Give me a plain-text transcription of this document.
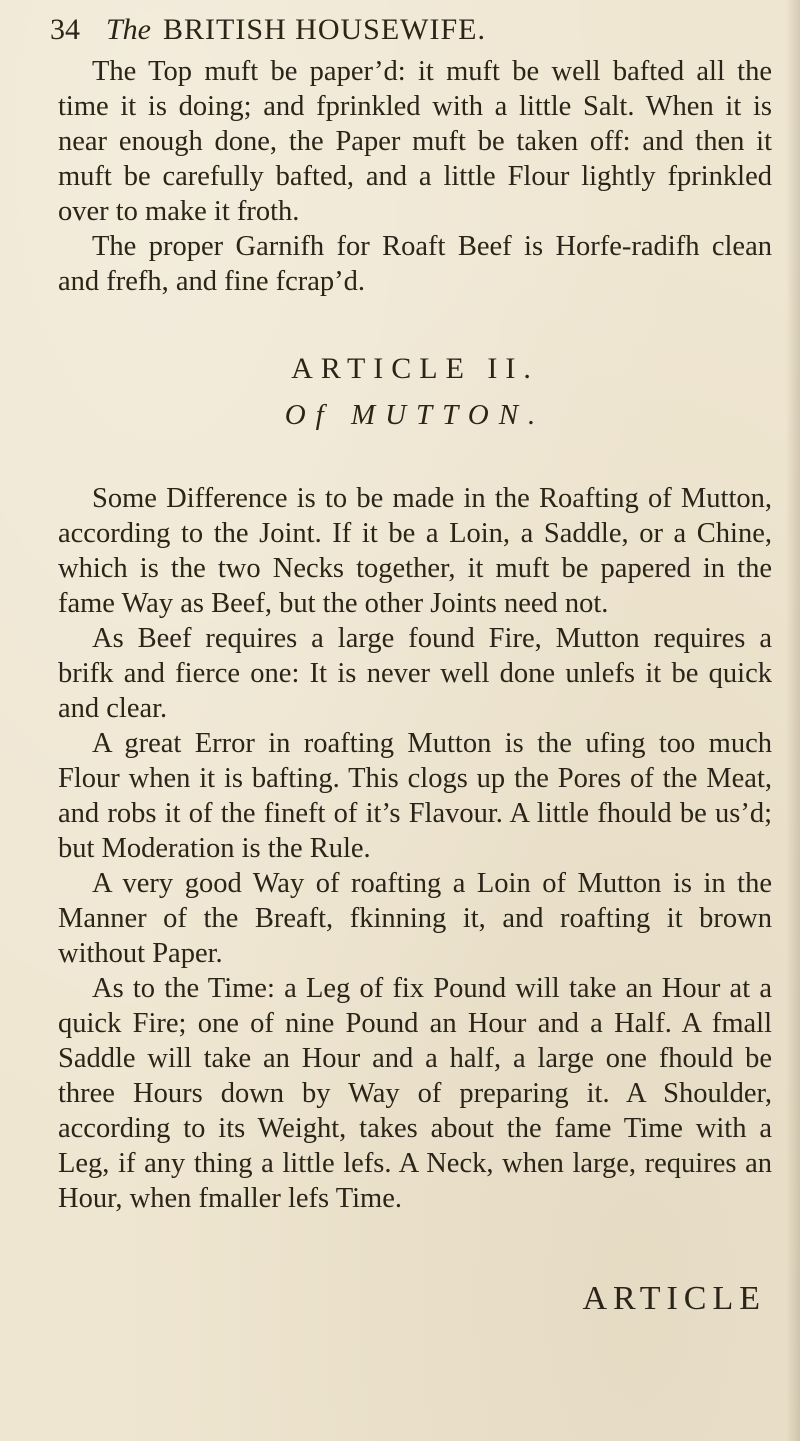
34 The BRITISH HOUSEWIFE.

The Top muft be paper’d: it muft be well bafted all the time it is doing; and fprinkled with a little Salt. When it is near enough done, the Paper muft be taken off: and then it muft be carefully bafted, and a little Flour lightly fprinkled over to make it froth.

The proper Garnifh for Roaft Beef is Horfe-radifh clean and frefh, and fine fcrap’d.

ARTICLE II.
Of MUTTON.

Some Difference is to be made in the Roafting of Mutton, according to the Joint. If it be a Loin, a Saddle, or a Chine, which is the two Necks together, it muft be papered in the fame Way as Beef, but the other Joints need not.

As Beef requires a large found Fire, Mutton requires a brifk and fierce one: It is never well done unlefs it be quick and clear.

A great Error in roafting Mutton is the ufing too much Flour when it is bafting. This clogs up the Pores of the Meat, and robs it of the fineft of it’s Flavour. A little fhould be us’d; but Moderation is the Rule.

A very good Way of roafting a Loin of Mutton is in the Manner of the Breaft, fkinning it, and roafting it brown without Paper.

As to the Time: a Leg of fix Pound will take an Hour at a quick Fire; one of nine Pound an Hour and a Half. A fmall Saddle will take an Hour and a half, a large one fhould be three Hours down by Way of preparing it. A Shoulder, according to its Weight, takes about the fame Time with a Leg, if any thing a little lefs. A Neck, when large, requires an Hour, when fmaller lefs Time.

ARTICLE
